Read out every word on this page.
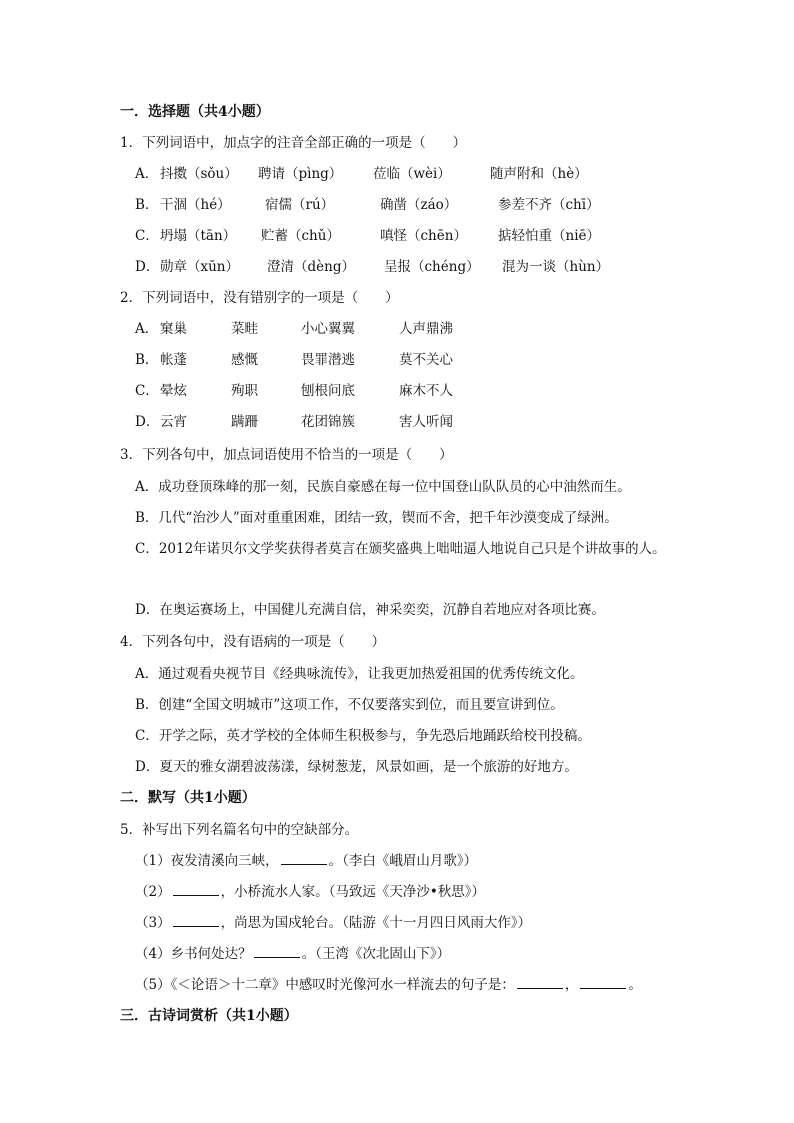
一．选择题（共4小题）
1．下列词语中，加点字的注音全部正确的一项是（　　）
A． 抖擞（sǒu） 聘请（pìng） 莅临（wèi）	随声附和（hè）
B． 干涸（hé）	宿儒（rú）	确凿（záo）	参差不齐（chī）
C． 坍塌（tān） 贮蓄（chǔ）	嗔怪（chēn） 掂轻怕重（niē）
D． 勋章（xūn） 澄清（dèng） 呈报（chéng） 混为一谈（hùn）
2．下列词语中，没有错别字的一项是（　　）
A． 窠巢	菜畦	小心翼翼	人声鼎沸
B． 帐蓬	感慨	畏罪潜逃	莫不关心
C． 晕炫	殉职	刨根问底	麻木不人
D． 云宵	蹒跚	花团锦簇	害人听闻
3．下列各句中，加点词语使用不恰当的一项是（　　）
A．成功登顶珠峰的那一刻，民族自豪感在每一位中国登山队队员的心中油然而生。
B．几代“治沙人”面对重重困难，团结一致，锲而不舍，把千年沙漠变成了绿洲。
C．2012年诺贝尔文学奖获得者莫言在颁奖盛典上咄咄逼人地说自己只是个讲故事的人。
D．在奥运赛场上，中国健儿充满自信，神采奕奕，沉静自若地应对各项比赛。
4．下列各句中，没有语病的一项是（　　）
A．通过观看央视节目《经典咏流传》，让我更加热爱祖国的优秀传统文化。
B．创建“全国文明城市”这项工作，不仅要落实到位，而且要宣讲到位。
C．开学之际，英才学校的全体师生积极参与，争先恐后地踊跃给校刊投稿。
D．夏天的雅女湖碧波荡漾，绿树葱茏，风景如画，是一个旅游的好地方。
二．默写（共1小题）
5．补写出下列名篇名句中的空缺部分。
（1）夜发清溪向三峡，	。（李白《峨眉山月歌》）
（2）	，小桥流水人家。（马致远《天净沙•秋思》）
（3）	，尚思为国戍轮台。（陆游《十一月四日风雨大作》）
（4）乡书何处达？	。（王湾《次北固山下》）
（5）《＜论语＞十二章》中感叹时光像河水一样流去的句子是：	，	。
三．古诗词赏析（共1小题）
